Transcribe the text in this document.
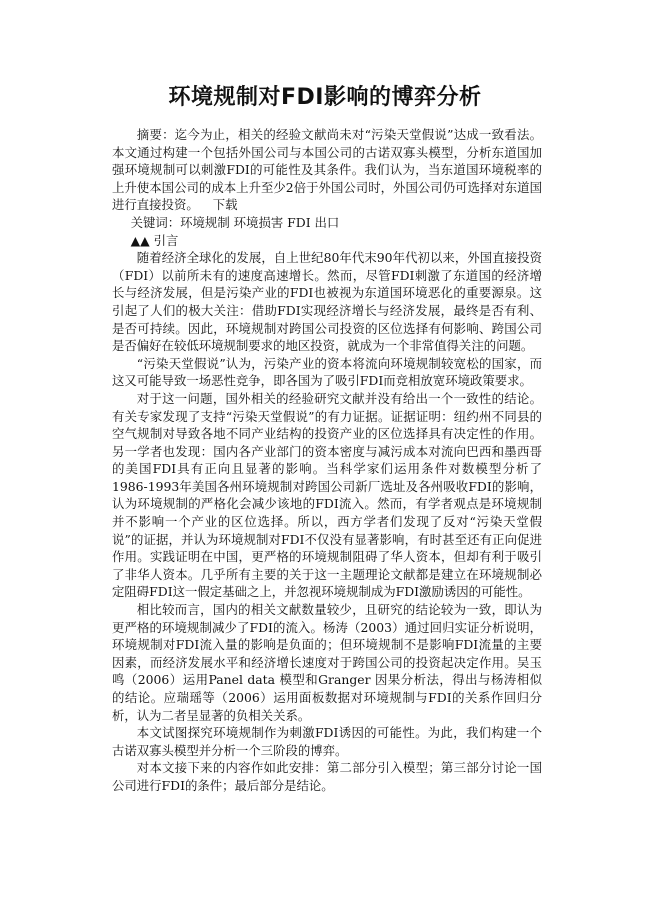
环境规制对FDI影响的博弈分析

摘要：迄今为止，相关的经验文献尚未对“污染天堂假说”达成一致看法。本文通过构建一个包括外国公司与本国公司的古诺双寡头模型，分析东道国加强环境规制可以刺激FDI的可能性及其条件。我们认为，当东道国环境税率的上升使本国公司的成本上升至少2倍于外国公司时，外国公司仍可选择对东道国进行直接投资。 下载

关键词：环境规制 环境损害 FDI 出口

▲▲ 引言

随着经济全球化的发展，自上世纪80年代末90年代初以来，外国直接投资（FDI）以前所未有的速度高速增长。然而，尽管FDI刺激了东道国的经济增长与经济发展，但是污染产业的FDI也被视为东道国环境恶化的重要源泉。这引起了人们的极大关注：借助FDI实现经济增长与经济发展，最终是否有利、是否可持续。因此，环境规制对跨国公司投资的区位选择有何影响、跨国公司是否偏好在较低环境规制要求的地区投资，就成为一个非常值得关注的问题。

“污染天堂假说”认为，污染产业的资本将流向环境规制较宽松的国家，而这又可能导致一场恶性竞争，即各国为了吸引FDI而竞相放宽环境政策要求。

对于这一问题，国外相关的经验研究文献并没有给出一个一致性的结论。有关专家发现了支持“污染天堂假说”的有力证据。证据证明：纽约州不同县的空气规制对导致各地不同产业结构的投资产业的区位选择具有决定性的作用。另一学者也发现：国内各产业部门的资本密度与减污成本对流向巴西和墨西哥的美国FDI具有正向且显著的影响。当科学家们运用条件对数模型分析了1986-1993年美国各州环境规制对跨国公司新厂选址及各州吸收FDI的影响，认为环境规制的严格化会减少该地的FDI流入。然而，有学者观点是环境规制并不影响一个产业的区位选择。所以，西方学者们发现了反对“污染天堂假说”的证据，并认为环境规制对FDI不仅没有显著影响，有时甚至还有正向促进作用。实践证明在中国，更严格的环境规制阻碍了华人资本，但却有利于吸引了非华人资本。几乎所有主要的关于这一主题理论文献都是建立在环境规制必定阻碍FDI这一假定基础之上，并忽视环境规制成为FDI激励诱因的可能性。

相比较而言，国内的相关文献数量较少，且研究的结论较为一致，即认为更严格的环境规制减少了FDI的流入。杨涛（2003）通过回归实证分析说明，环境规制对FDI流入量的影响是负面的；但环境规制不是影响FDI流量的主要因素，而经济发展水平和经济增长速度对于跨国公司的投资起决定作用。吴玉鸣（2006）运用Panel data 模型和Granger 因果分析法，得出与杨涛相似的结论。应瑞瑶等（2006）运用面板数据对环境规制与FDI的关系作回归分析，认为二者呈显著的负相关关系。

本文试图探究环境规制作为刺激FDI诱因的可能性。为此，我们构建一个古诺双寡头模型并分析一个三阶段的博弈。

对本文接下来的内容作如此安排：第二部分引入模型；第三部分讨论一国公司进行FDI的条件；最后部分是结论。
